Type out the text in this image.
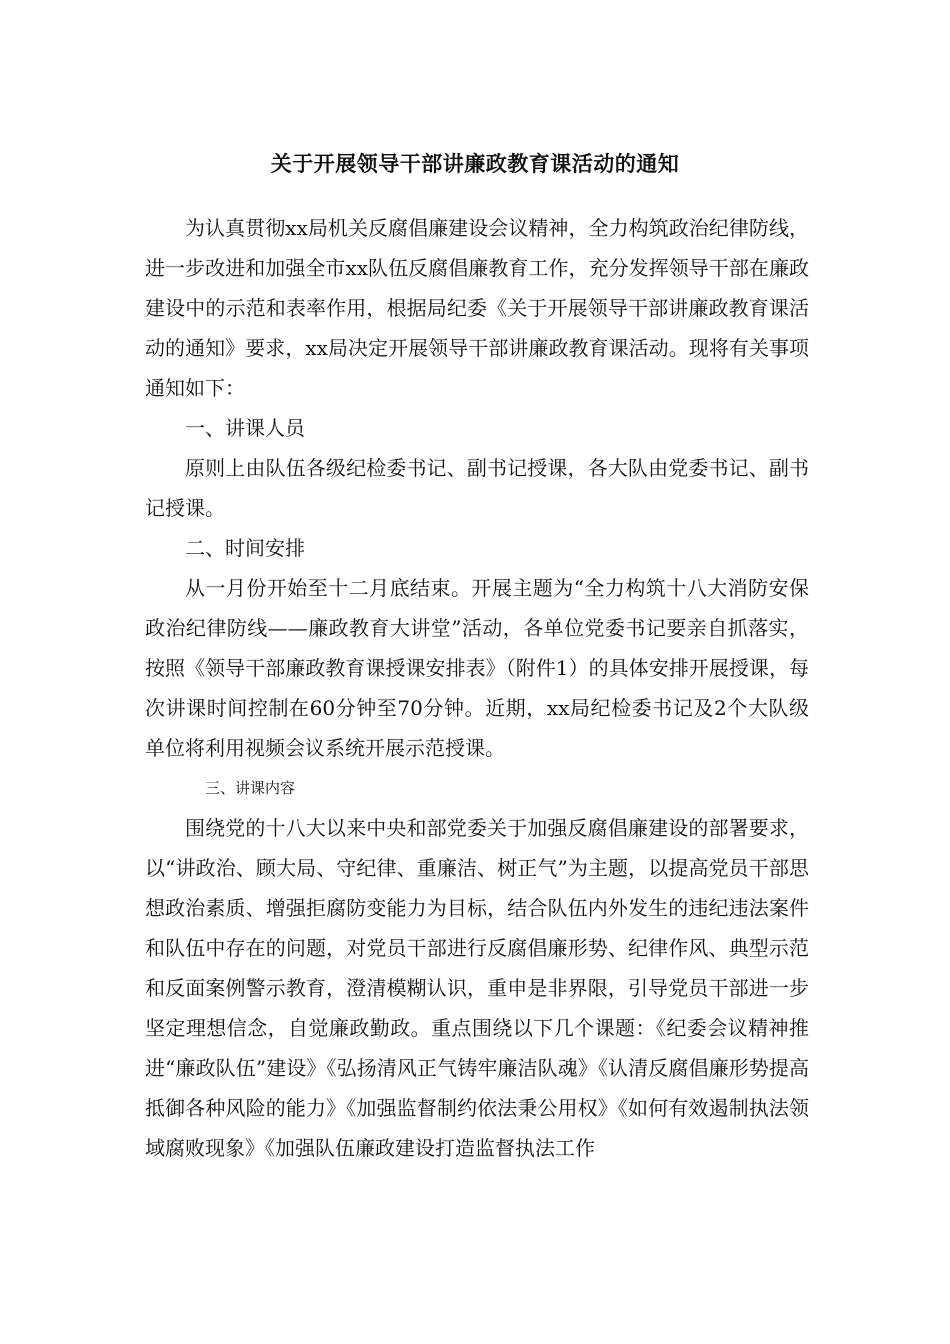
关于开展领导干部讲廉政教育课活动的通知

为认真贯彻xx局机关反腐倡廉建设会议精神，全力构筑政治纪律防线，进一步改进和加强全市xx队伍反腐倡廉教育工作，充分发挥领导干部在廉政建设中的示范和表率作用，根据局纪委《关于开展领导干部讲廉政教育课活动的通知》要求，xx局决定开展领导干部讲廉政教育课活动。现将有关事项通知如下：

一、讲课人员

原则上由队伍各级纪检委书记、副书记授课，各大队由党委书记、副书记授课。

二、时间安排

从一月份开始至十二月底结束。开展主题为“全力构筑十八大消防安保政治纪律防线——廉政教育大讲堂”活动，各单位党委书记要亲自抓落实，按照《领导干部廉政教育课授课安排表》（附件1）的具体安排开展授课，每次讲课时间控制在60分钟至70分钟。近期，xx局纪检委书记及2个大队级单位将利用视频会议系统开展示范授课。

三、讲课内容

围绕党的十八大以来中央和部党委关于加强反腐倡廉建设的部署要求，以“讲政治、顾大局、守纪律、重廉洁、树正气”为主题，以提高党员干部思想政治素质、增强拒腐防变能力为目标，结合队伍内外发生的违纪违法案件和队伍中存在的问题，对党员干部进行反腐倡廉形势、纪律作风、典型示范和反面案例警示教育，澄清模糊认识，重申是非界限，引导党员干部进一步坚定理想信念，自觉廉政勤政。重点围绕以下几个课题：《纪委会议精神推进“廉政队伍”建设》《弘扬清风正气铸牢廉洁队魂》《认清反腐倡廉形势提高抵御各种风险的能力》《加强监督制约依法秉公用权》《如何有效遏制执法领域腐败现象》《加强队伍廉政建设打造监督执法工作
